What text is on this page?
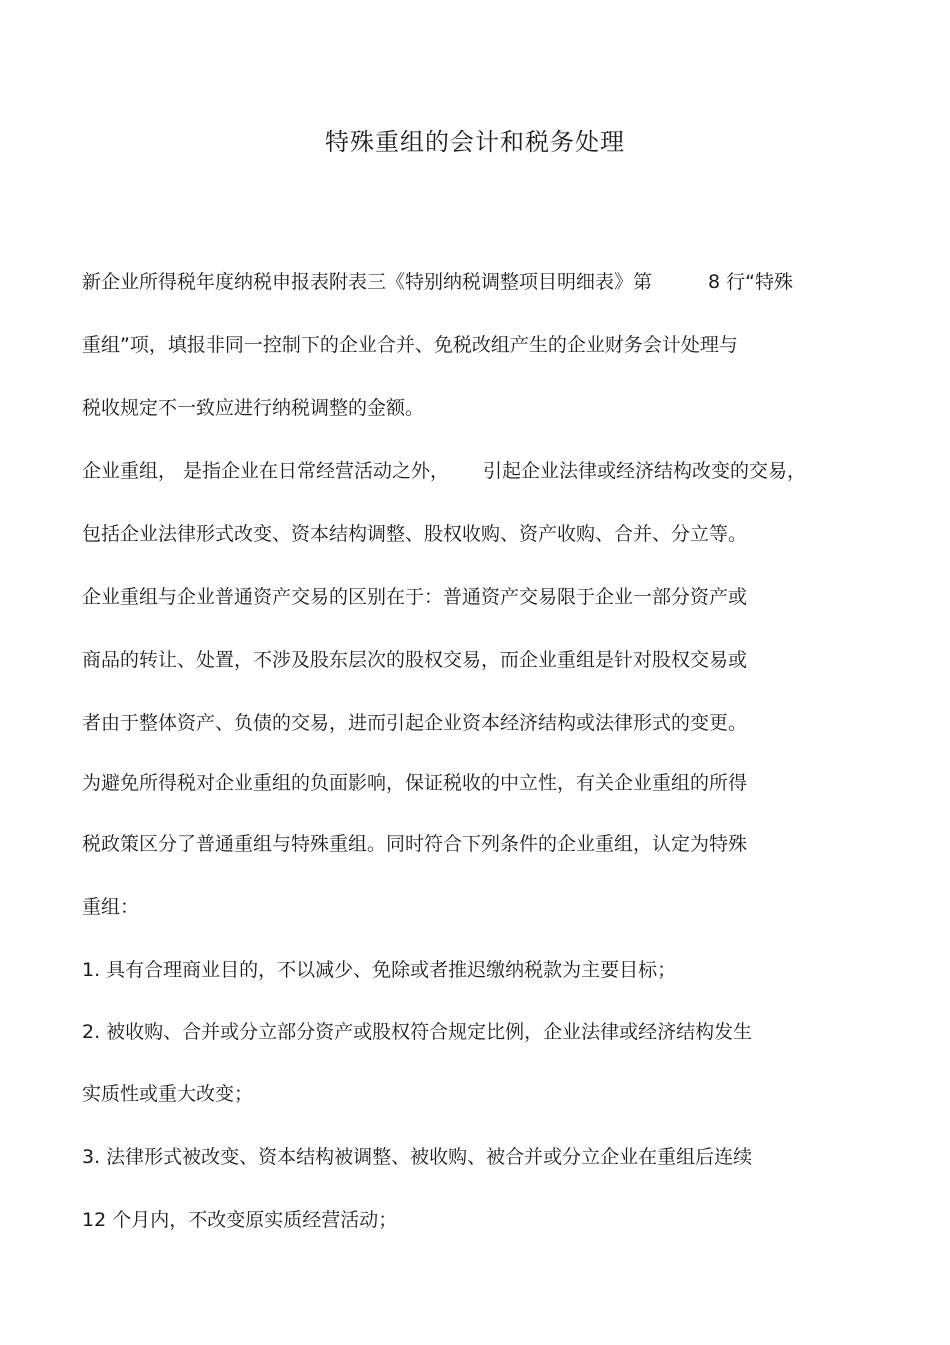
特殊重组的会计和税务处理
新企业所得税年度纳税申报表附表三《特别纳税调整项目明细表》第	8 行“特殊
重组”项，填报非同一控制下的企业合并、免税改组产生的企业财务会计处理与
税收规定不一致应进行纳税调整的金额。
企业重组， 是指企业在日常经营活动之外， 引起企业法律或经济结构改变的交易，
包括企业法律形式改变、资本结构调整、股权收购、资产收购、合并、分立等。
企业重组与企业普通资产交易的区别在于：普通资产交易限于企业一部分资产或
商品的转让、处置，不涉及股东层次的股权交易，而企业重组是针对股权交易或
者由于整体资产、负债的交易，进而引起企业资本经济结构或法律形式的变更。
为避免所得税对企业重组的负面影响，保证税收的中立性，有关企业重组的所得
税政策区分了普通重组与特殊重组。同时符合下列条件的企业重组，认定为特殊
重组：
1. 具有合理商业目的，不以减少、免除或者推迟缴纳税款为主要目标；
2. 被收购、合并或分立部分资产或股权符合规定比例，企业法律或经济结构发生
实质性或重大改变；
3. 法律形式被改变、资本结构被调整、被收购、被合并或分立企业在重组后连续
12 个月内，不改变原实质经营活动；
